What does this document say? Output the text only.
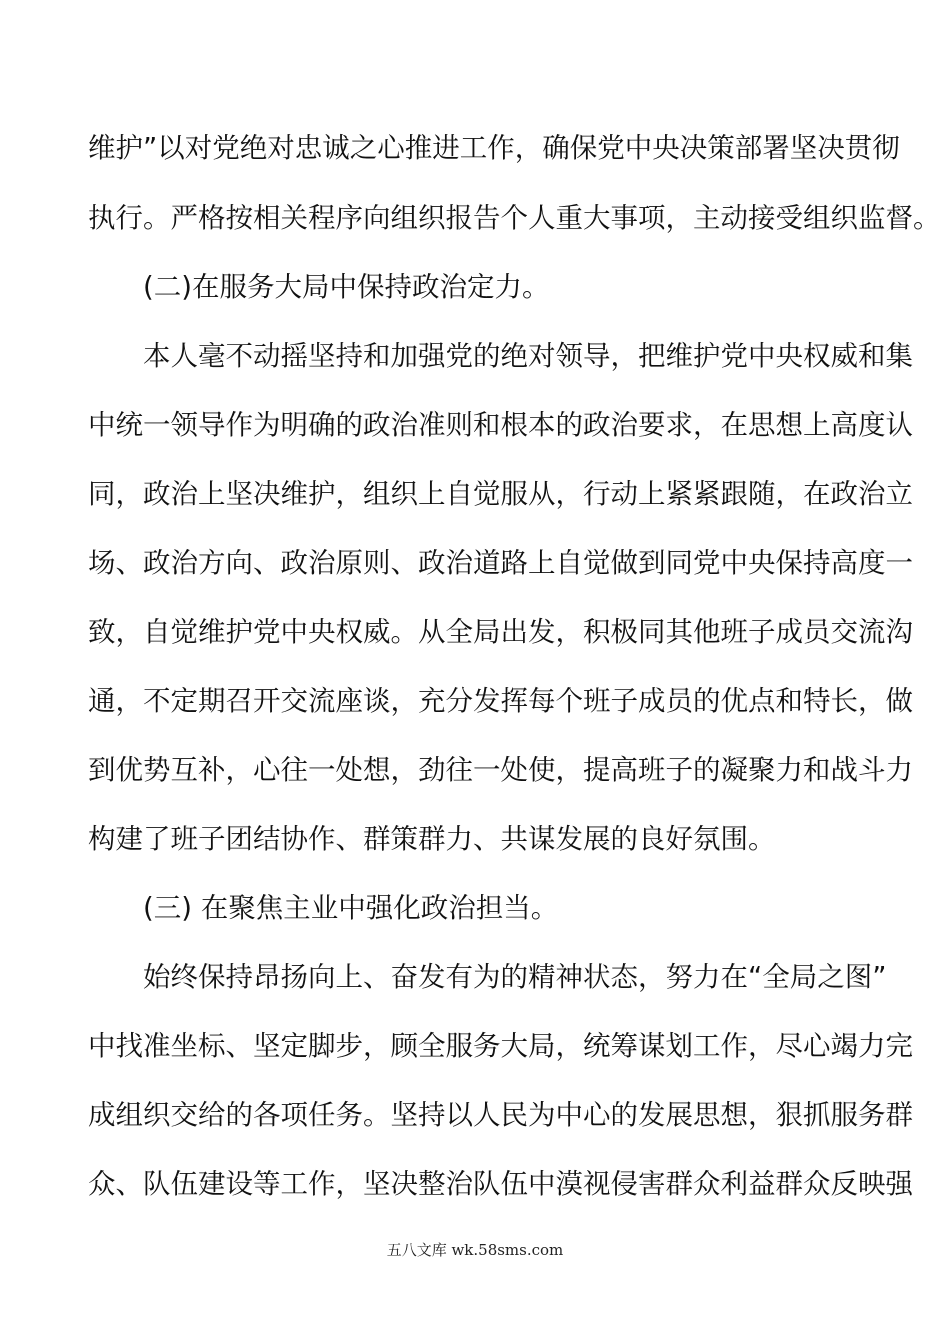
维护”以对党绝对忠诚之心推进工作，确保党中央决策部署坚决贯彻
执行。严格按相关程序向组织报告个人重大事项，主动接受组织监督。
(二)在服务大局中保持政治定力。
本人毫不动摇坚持和加强党的绝对领导，把维护党中央权威和集
中统一领导作为明确的政治准则和根本的政治要求，在思想上高度认
同，政治上坚决维护，组织上自觉服从，行动上紧紧跟随，在政治立
场、政治方向、政治原则、政治道路上自觉做到同党中央保持高度一
致，自觉维护党中央权威。从全局出发，积极同其他班子成员交流沟
通，不定期召开交流座谈，充分发挥每个班子成员的优点和特长，做
到优势互补，心往一处想，劲往一处使，提高班子的凝聚力和战斗力
构建了班子团结协作、群策群力、共谋发展的良好氛围。
(三) 在聚焦主业中强化政治担当。
始终保持昂扬向上、奋发有为的精神状态，努力在“全局之图”
中找准坐标、坚定脚步，顾全服务大局，统筹谋划工作，尽心竭力完
成组织交给的各项任务。坚持以人民为中心的发展思想，狠抓服务群
众、队伍建设等工作，坚决整治队伍中漠视侵害群众利益群众反映强
五八文库 wk.58sms.com
